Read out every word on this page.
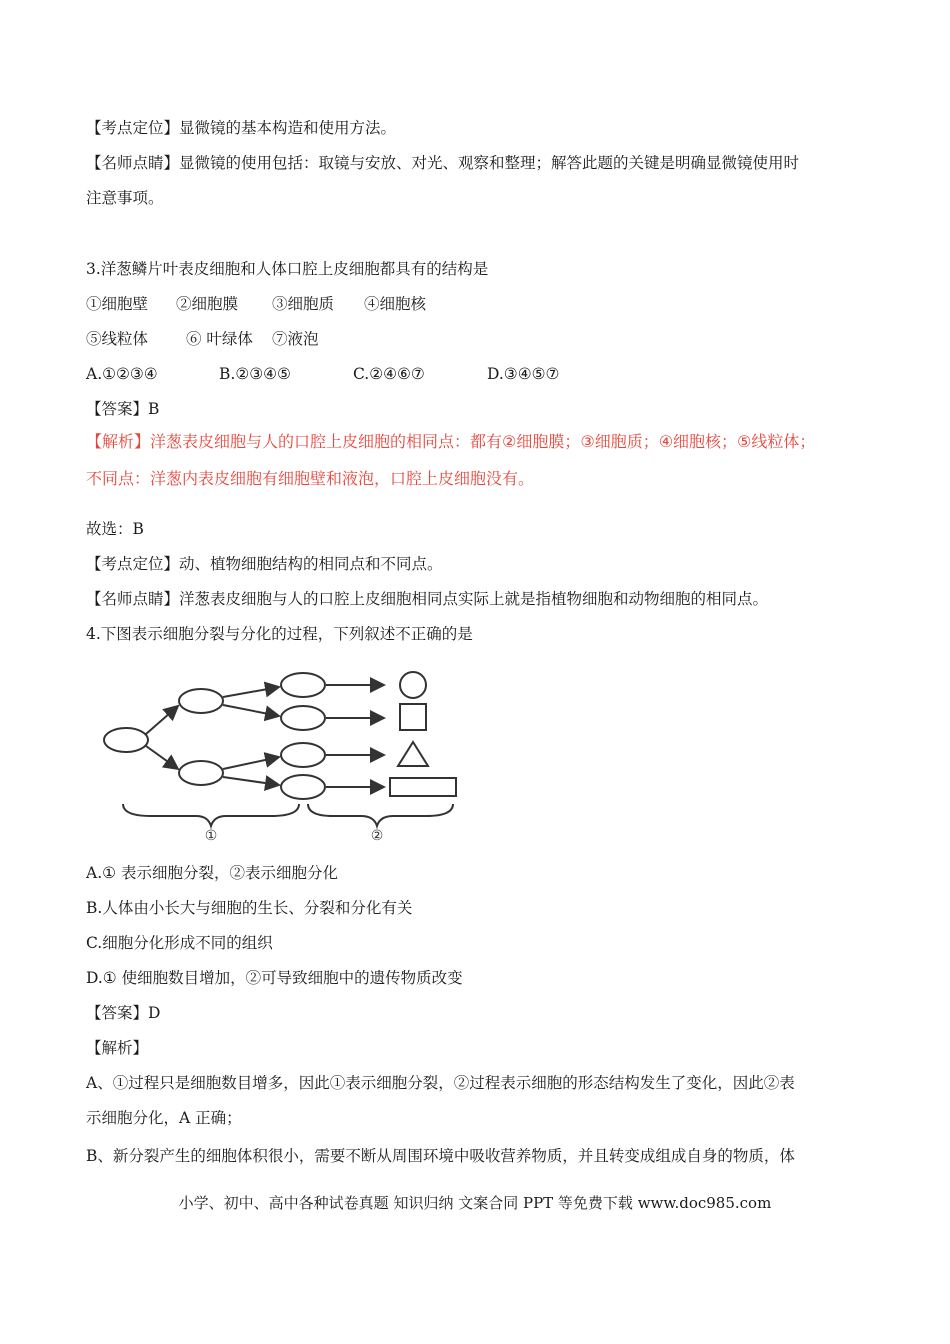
【考点定位】显微镜的基本构造和使用方法。
【名师点睛】显微镜的使用包括：取镜与安放、对光、观察和整理；解答此题的关键是明确显微镜使用时
注意事项。
3.洋葱鳞片叶表皮细胞和人体口腔上皮细胞都具有的结构是
①细胞壁 ②细胞膜 ③细胞质 ④细胞核
⑤线粒体 ⑥ 叶绿体 ⑦液泡
A.①②③④	B.②③④⑤	C.②④⑥⑦	D.③④⑤⑦
【答案】B
【解析】洋葱表皮细胞与人的口腔上皮细胞的相同点：都有②细胞膜；③细胞质；④细胞核；⑤线粒体；
不同点：洋葱内表皮细胞有细胞壁和液泡，口腔上皮细胞没有。
故选：B
【考点定位】动、植物细胞结构的相同点和不同点。
【名师点睛】洋葱表皮细胞与人的口腔上皮细胞相同点实际上就是指植物细胞和动物细胞的相同点。
4.下图表示细胞分裂与分化的过程，下列叙述不正确的是
①	②
A.① 表示细胞分裂，②表示细胞分化
B.人体由小长大与细胞的生长、分裂和分化有关
C.细胞分化形成不同的组织
D.① 使细胞数目增加，②可导致细胞中的遗传物质改变
【答案】D
【解析】
A、①过程只是细胞数目增多，因此①表示细胞分裂，②过程表示细胞的形态结构发生了变化，因此②表
示细胞分化，A 正确；
B、新分裂产生的细胞体积很小，需要不断从周围环境中吸收营养物质，并且转变成组成自身的物质，体
小学、初中、高中各种试卷真题 知识归纳 文案合同 PPT 等免费下载 www.doc985.com
